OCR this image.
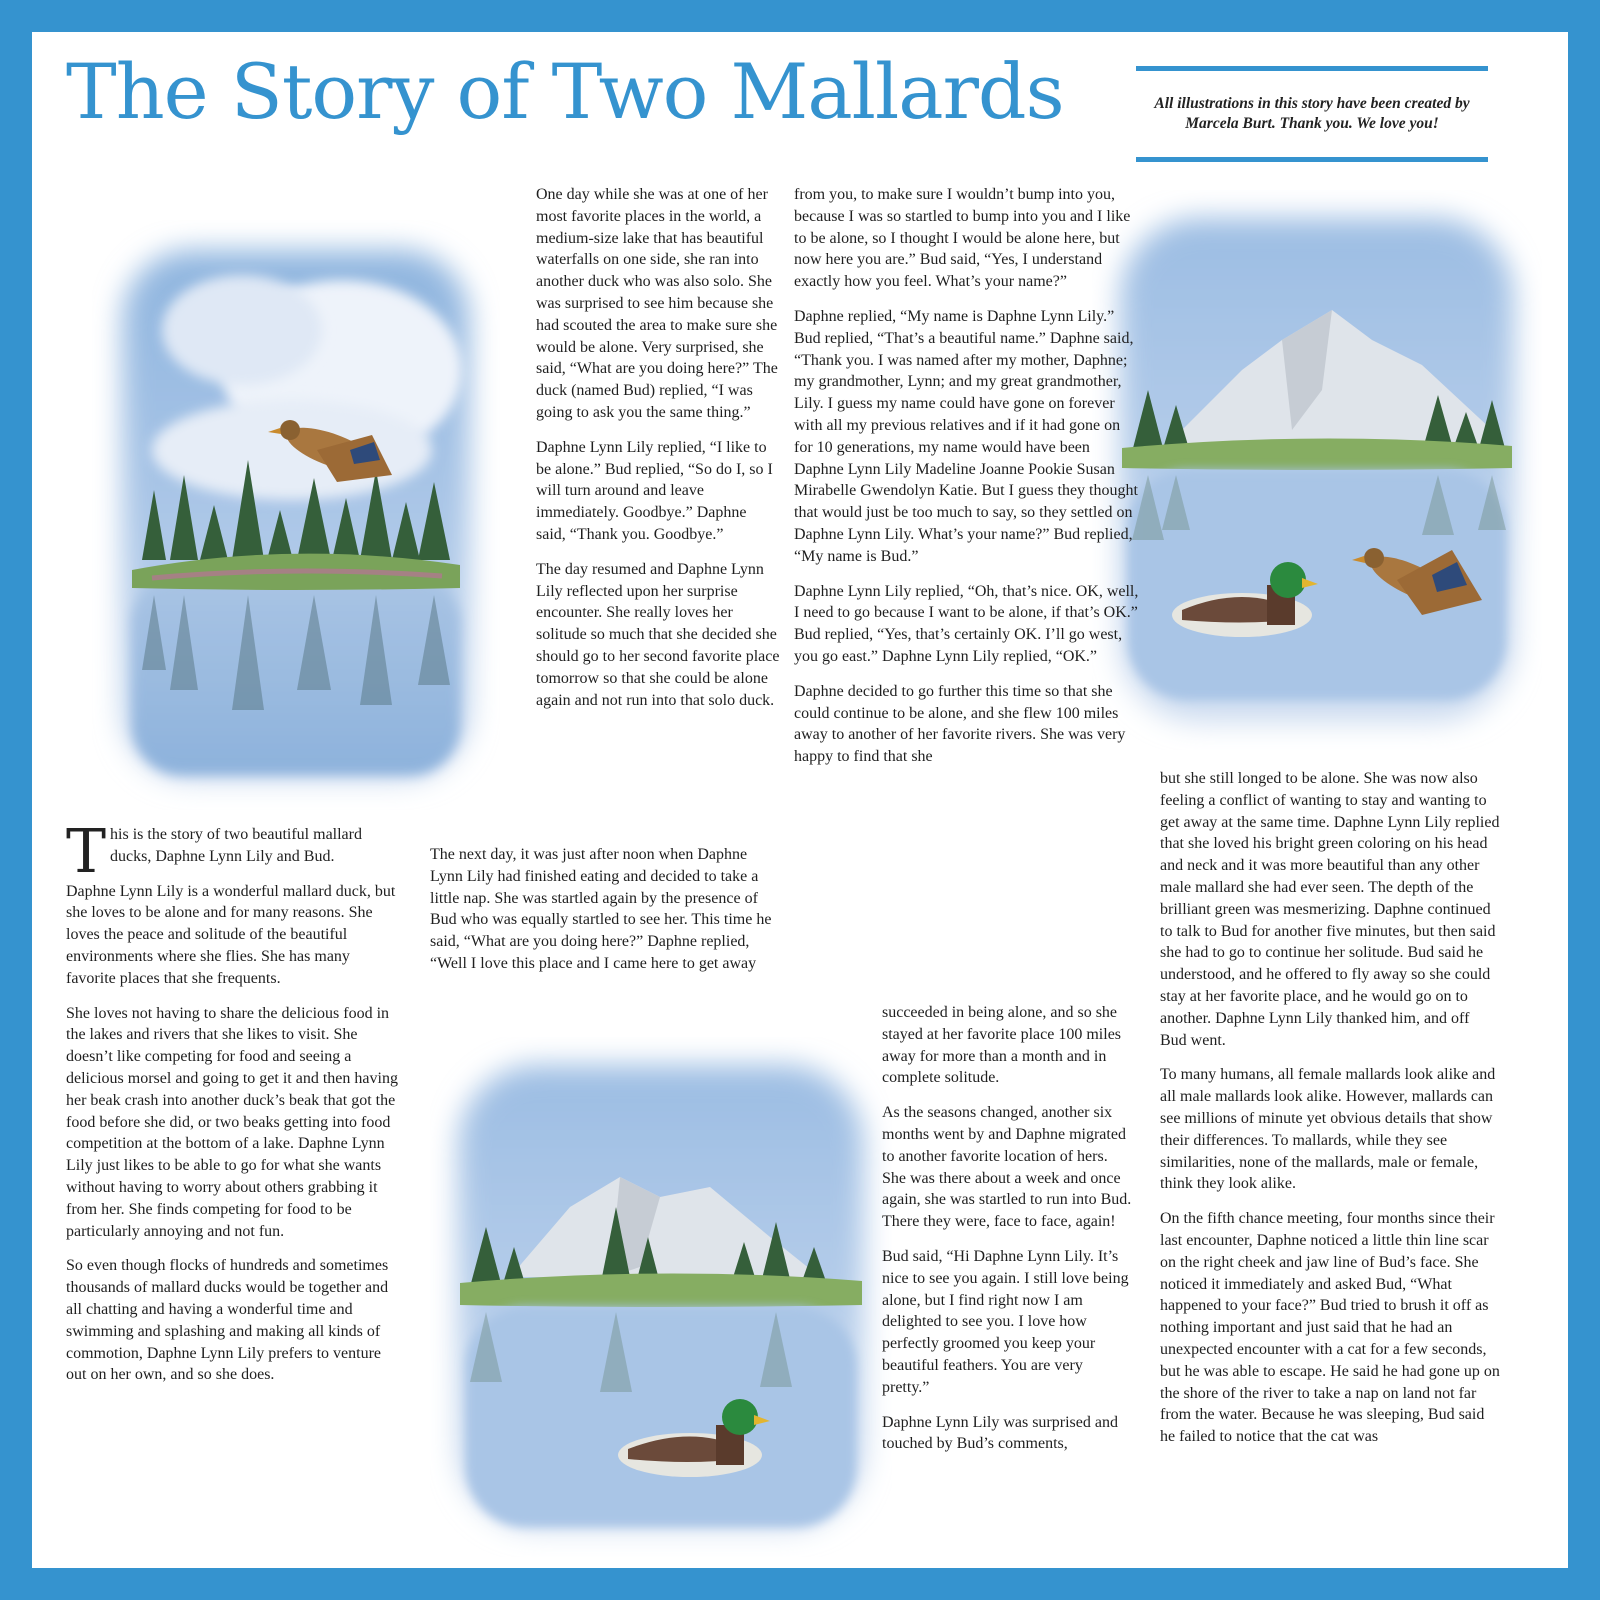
The Story of Two Mallards	All illustrations in this story have been created by Marcela Burt. Thank you. We love you!

This is the story of two beautiful mallard ducks, Daphne Lynn Lily and Bud.

Daphne Lynn Lily is a wonderful mallard duck, but she loves to be alone and for many reasons. She loves the peace and solitude of the beautiful environments where she flies. She has many favorite places that she frequents.

She loves not having to share the delicious food in the lakes and rivers that she likes to visit. She doesn’t like competing for food and seeing a delicious morsel and going to get it and then having her beak crash into another duck’s beak that got the food before she did, or two beaks getting into food competition at the bottom of a lake. Daphne Lynn Lily just likes to be able to go for what she wants without having to worry about others grabbing it from her. She finds competing for food to be particularly annoying and not fun.

So even though flocks of hundreds and sometimes thousands of mallard ducks would be together and all chatting and having a wonderful time and swimming and splashing and making all kinds of commotion, Daphne Lynn Lily prefers to venture out on her own, and so she does.

One day while she was at one of her most favorite places in the world, a medium-size lake that has beautiful waterfalls on one side, she ran into another duck who was also solo. She was surprised to see him because she had scouted the area to make sure she would be alone. Very surprised, she said, “What are you doing here?” The duck (named Bud) replied, “I was going to ask you the same thing.”

Daphne Lynn Lily replied, “I like to be alone.” Bud replied, “So do I, so I will turn around and leave immediately. Goodbye.” Daphne said, “Thank you. Goodbye.”

The day resumed and Daphne Lynn Lily reflected upon her surprise encounter. She really loves her solitude so much that she decided she should go to her second favorite place tomorrow so that she could be alone again and not run into that solo duck.

The next day, it was just after noon when Daphne Lynn Lily had finished eating and decided to take a little nap. She was startled again by the presence of Bud who was equally startled to see her. This time he said, “What are you doing here?” Daphne replied, “Well I love this place and I came here to get away

from you, to make sure I wouldn’t bump into you, because I was so startled to bump into you and I like to be alone, so I thought I would be alone here, but now here you are.” Bud said, “Yes, I understand exactly how you feel. What’s your name?”

Daphne replied, “My name is Daphne Lynn Lily.” Bud replied, “That’s a beautiful name.” Daphne said, “Thank you. I was named after my mother, Daphne; my grandmother, Lynn; and my great grandmother, Lily. I guess my name could have gone on forever with all my previous relatives and if it had gone on for 10 generations, my name would have been Daphne Lynn Lily Madeline Joanne Pookie Susan Mirabelle Gwendolyn Katie. But I guess they thought that would just be too much to say, so they settled on Daphne Lynn Lily. What’s your name?” Bud replied, “My name is Bud.”

Daphne Lynn Lily replied, “Oh, that’s nice. OK, well, I need to go because I want to be alone, if that’s OK.” Bud replied, “Yes, that’s certainly OK. I’ll go west, you go east.” Daphne Lynn Lily replied, “OK.”

Daphne decided to go further this time so that she could continue to be alone, and she flew 100 miles away to another of her favorite rivers. She was very happy to find that she

succeeded in being alone, and so she stayed at her favorite place 100 miles away for more than a month and in complete solitude.

As the seasons changed, another six months went by and Daphne migrated to another favorite location of hers. She was there about a week and once again, she was startled to run into Bud. There they were, face to face, again!

Bud said, “Hi Daphne Lynn Lily. It’s nice to see you again. I still love being alone, but I find right now I am delighted to see you. I love how perfectly groomed you keep your beautiful feathers. You are very pretty.”

Daphne Lynn Lily was surprised and touched by Bud’s comments,

but she still longed to be alone. She was now also feeling a conflict of wanting to stay and wanting to get away at the same time. Daphne Lynn Lily replied that she loved his bright green coloring on his head and neck and it was more beautiful than any other male mallard she had ever seen. The depth of the brilliant green was mesmerizing. Daphne continued to talk to Bud for another five minutes, but then said she had to go to continue her solitude. Bud said he understood, and he offered to fly away so she could stay at her favorite place, and he would go on to another. Daphne Lynn Lily thanked him, and off Bud went.

To many humans, all female mallards look alike and all male mallards look alike. However, mallards can see millions of minute yet obvious details that show their differences. To mallards, while they see similarities, none of the mallards, male or female, think they look alike.

On the fifth chance meeting, four months since their last encounter, Daphne noticed a little thin line scar on the right cheek and jaw line of Bud’s face. She noticed it immediately and asked Bud, “What happened to your face?” Bud tried to brush it off as nothing important and just said that he had an unexpected encounter with a cat for a few seconds, but he was able to escape. He said he had gone up on the shore of the river to take a nap on land not far from the water. Because he was sleeping, Bud said he failed to notice that the cat was
